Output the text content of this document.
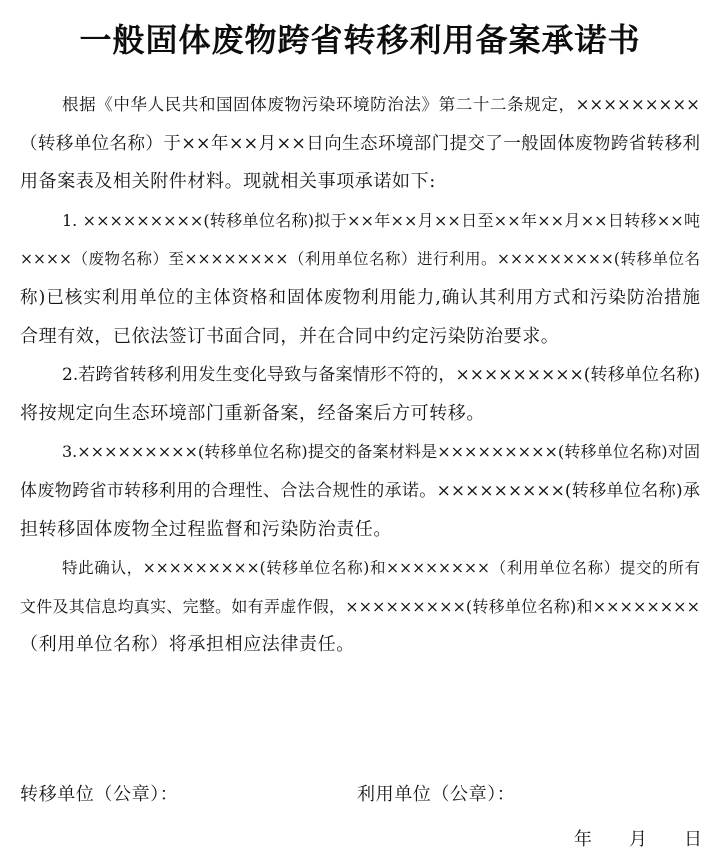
一般固体废物跨省转移利用备案承诺书
根据《中华人民共和国固体废物污染环境防治法》第二十二条规定，×××××××××
（转移单位名称）于××年××月××日向生态环境部门提交了一般固体废物跨省转移利
用备案表及相关附件材料。现就相关事项承诺如下:
1. ×××××××××(转移单位名称)拟于××年××月××日至××年××月××日转移××吨
××××（废物名称）至××××××××（利用单位名称）进行利用。×××××××××(转移单位名
称)已核实利用单位的主体资格和固体废物利用能力,确认其利用方式和污染防治措施
合理有效，已依法签订书面合同，并在合同中约定污染防治要求。
2.若跨省转移利用发生变化导致与备案情形不符的，×××××××××(转移单位名称)
将按规定向生态环境部门重新备案，经备案后方可转移。
3.×××××××××(转移单位名称)提交的备案材料是×××××××××(转移单位名称)对固
体废物跨省市转移利用的合理性、合法合规性的承诺。×××××××××(转移单位名称)承
担转移固体废物全过程监督和污染防治责任。
特此确认，×××××××××(转移单位名称)和××××××××（利用单位名称）提交的所有
文件及其信息均真实、完整。如有弄虚作假，×××××××××(转移单位名称)和××××××××
（利用单位名称）将承担相应法律责任。
转移单位（公章）：	利用单位（公章）：
年 月 日
